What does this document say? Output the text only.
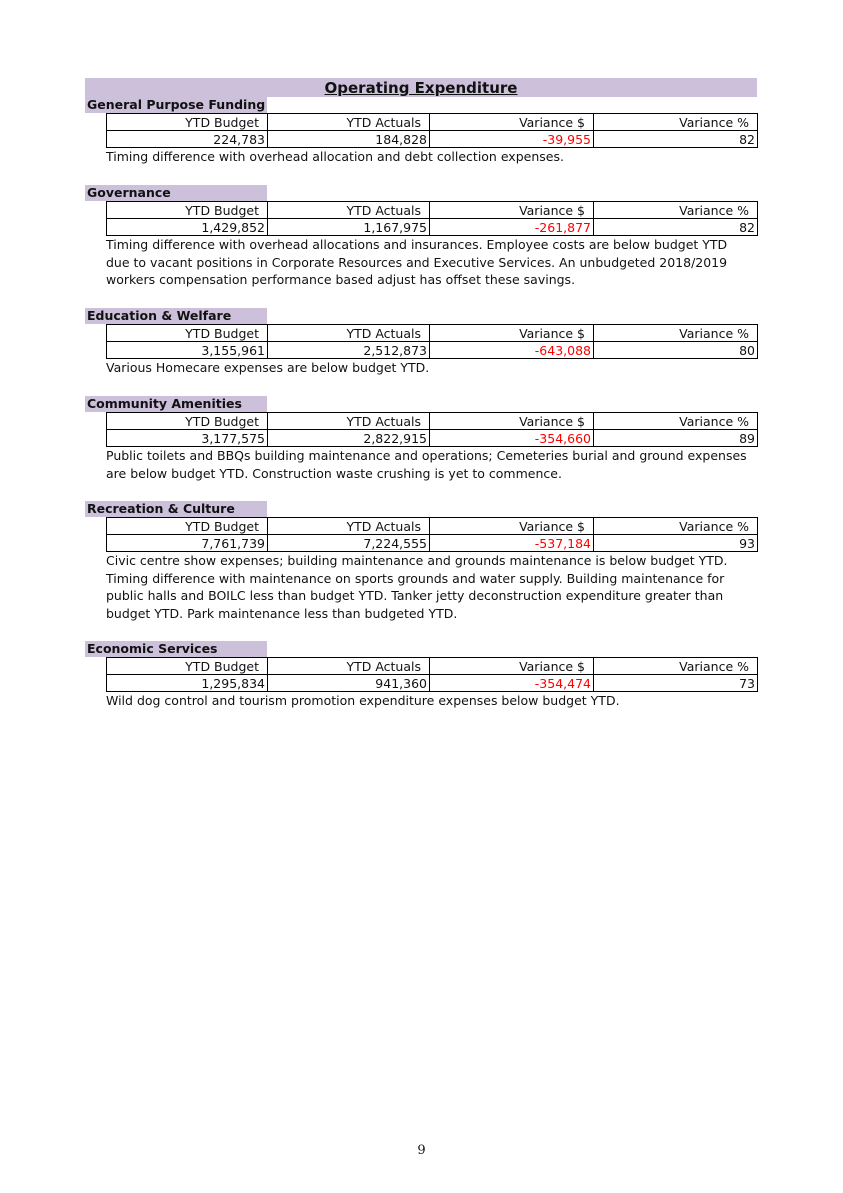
Operating Expenditure
General Purpose Funding
YTD Budget	YTD Actuals	Variance $	Variance %
224,783	184,828	-39,955	82
Timing difference with overhead allocation and debt collection expenses.
Governance
YTD Budget	YTD Actuals	Variance $	Variance %
1,429,852	1,167,975	-261,877	82
Timing difference with overhead allocations and insurances. Employee costs are below budget YTD due to vacant positions in Corporate Resources and Executive Services. An unbudgeted 2018/2019 workers compensation performance based adjust has offset these savings.
Education & Welfare
YTD Budget	YTD Actuals	Variance $	Variance %
3,155,961	2,512,873	-643,088	80
Various Homecare expenses are below budget YTD.
Community Amenities
YTD Budget	YTD Actuals	Variance $	Variance %
3,177,575	2,822,915	-354,660	89
Public toilets and BBQs building maintenance and operations; Cemeteries burial and ground expenses are below budget YTD. Construction waste crushing is yet to commence.
Recreation & Culture
YTD Budget	YTD Actuals	Variance $	Variance %
7,761,739	7,224,555	-537,184	93
Civic centre show expenses; building maintenance and grounds maintenance is below budget YTD. Timing difference with maintenance on sports grounds and water supply. Building maintenance for public halls and BOILC less than budget YTD. Tanker jetty deconstruction expenditure greater than budget YTD. Park maintenance less than budgeted YTD.
Economic Services
YTD Budget	YTD Actuals	Variance $	Variance %
1,295,834	941,360	-354,474	73
Wild dog control and tourism promotion expenditure expenses below budget YTD.
9
